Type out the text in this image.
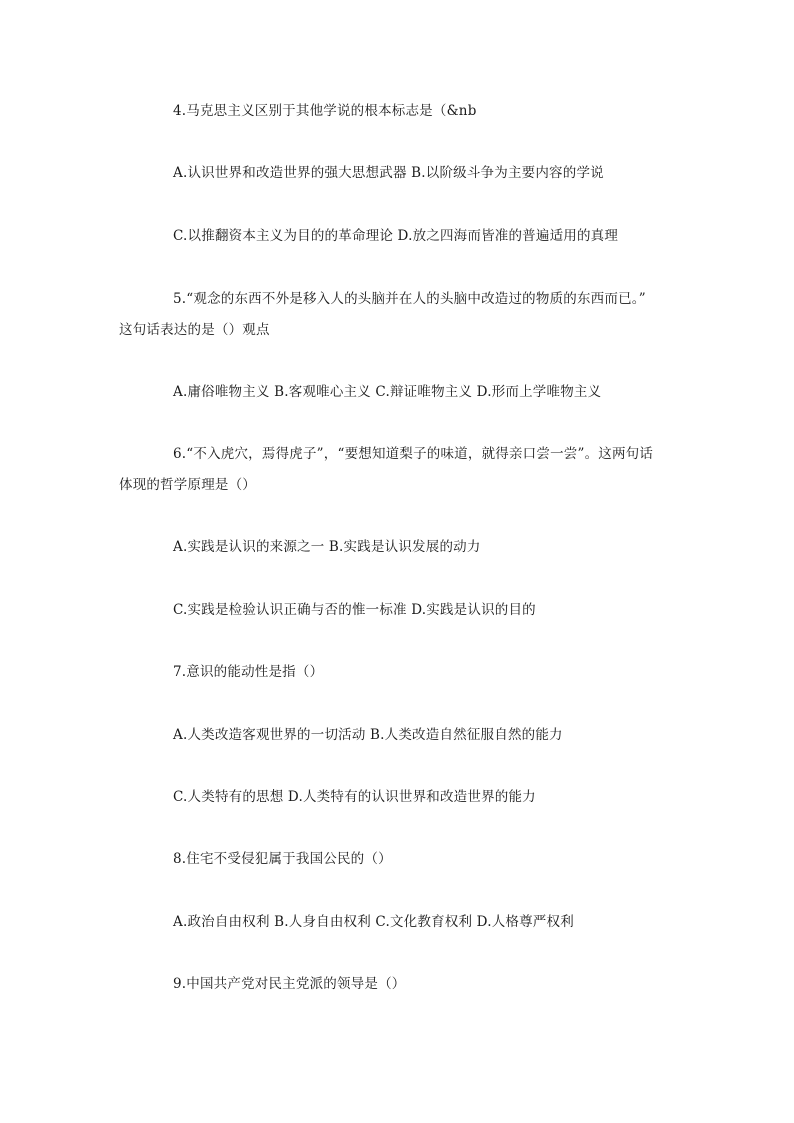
4.马克思主义区别于其他学说的根本标志是（&nb
A.认识世界和改造世界的强大思想武器 B.以阶级斗争为主要内容的学说
C.以推翻资本主义为目的的革命理论 D.放之四海而皆准的普遍适用的真理
5.“观念的东西不外是移入人的头脑并在人的头脑中改造过的物质的东西而已。”
这句话表达的是（）观点
A.庸俗唯物主义 B.客观唯心主义 C.辩证唯物主义 D.形而上学唯物主义
6.“不入虎穴，焉得虎子”，“要想知道梨子的味道，就得亲口尝一尝”。这两句话
体现的哲学原理是（）
A.实践是认识的来源之一 B.实践是认识发展的动力
C.实践是检验认识正确与否的惟一标准 D.实践是认识的目的
7.意识的能动性是指（）
A.人类改造客观世界的一切活动 B.人类改造自然征服自然的能力
C.人类特有的思想 D.人类特有的认识世界和改造世界的能力
8.住宅不受侵犯属于我国公民的（）
A.政治自由权利 B.人身自由权利 C.文化教育权利 D.人格尊严权利
9.中国共产党对民主党派的领导是（）
